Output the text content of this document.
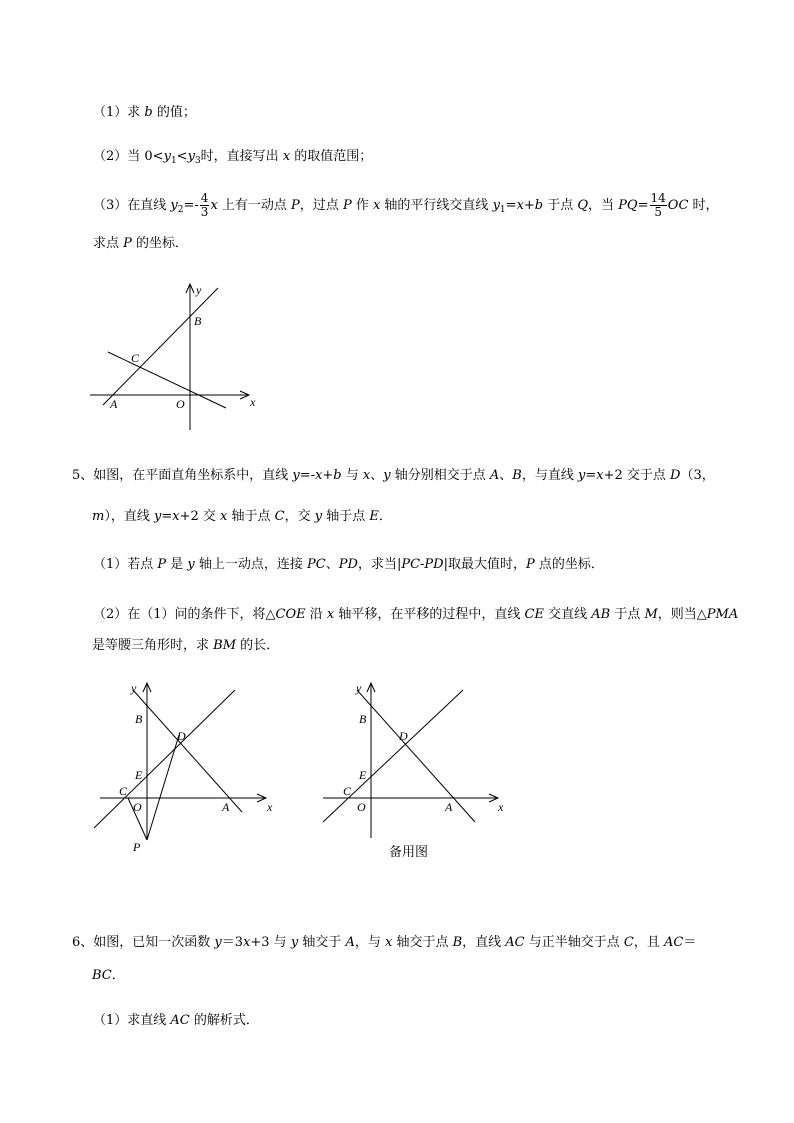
（1）求 b 的值；
（2）当 $0<y_1<y_3$时，直接写出 x 的取值范围；
（3）在直线 $y_2=- \frac{4}{3}$ x 上有一动点 P，过点 P 作 x 轴的平行线交直线 $y_1=x+b$ 于点 Q，当 $PQ= \frac{14}{5}$ OC 时，
求点 P 的坐标．
y
x
B
C
A	O
5、如图，在平面直角坐标系中，直线 y=-x+b 与 x、y 轴分别相交于点 A、B，与直线 y=x+2 交于点 D（3，
m），直线 y=x+2 交 x 轴于点 C，交 y 轴于点 E．
（1）若点 P 是 y 轴上一动点，连接 PC、PD，求当|PC-PD|取最大值时，P 点的坐标．
（2）在（1）问的条件下，将△COE 沿 x 轴平移，在平移的过程中，直线 CE 交直线 AB 于点 M，则当△PMA
是等腰三角形时，求 BM 的长．
y
x
B
D
E
C
O	A
P
y
x
B
D
E
C
O	A
备用图
6、如图，已知一次函数 y＝3x+3 与 y 轴交于 A，与 x 轴交于点 B，直线 AC 与正半轴交于点 C，且 AC＝
BC．
（1）求直线 AC 的解析式．
